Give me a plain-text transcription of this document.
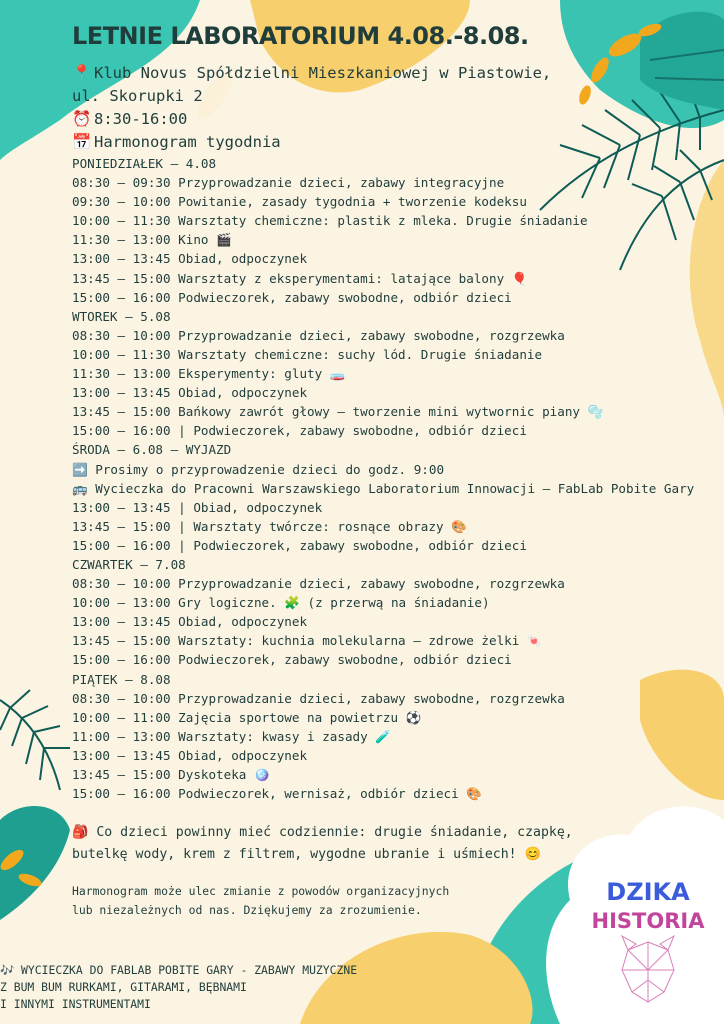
LETNIE LABORATORIUM 4.08.-8.08.
📍 Klub Novus Spółdzielni Mieszkaniowej w Piastowie,
ul. Skorupki 2
⏰ 8:30-16:00
📅 Harmonogram tygodnia
PONIEDZIAŁEK – 4.08
08:30 – 09:30 Przyprowadzanie dzieci, zabawy integracyjne
09:30 – 10:00 Powitanie, zasady tygodnia + tworzenie kodeksu
10:00 – 11:30 Warsztaty chemiczne: plastik z mleka. Drugie śniadanie
11:30 – 13:00 Kino 🎬
13:00 – 13:45 Obiad, odpoczynek
13:45 – 15:00 Warsztaty z eksperymentami: latające balony 🎈
15:00 – 16:00 Podwieczorek, zabawy swobodne, odbiór dzieci
WTOREK – 5.08
08:30 – 10:00 Przyprowadzanie dzieci, zabawy swobodne, rozgrzewka
10:00 – 11:30 Warsztaty chemiczne: suchy lód. Drugie śniadanie
11:30 – 13:00 Eksperymenty: gluty 🧫
13:00 – 13:45 Obiad, odpoczynek
13:45 – 15:00 Bańkowy zawrót głowy – tworzenie mini wytwornic piany 🫧
15:00 – 16:00 | Podwieczorek, zabawy swobodne, odbiór dzieci
ŚRODA – 6.08 – WYJAZD
➡️ Prosimy o przyprowadzenie dzieci do godz. 9:00
🚌 Wycieczka do Pracowni Warszawskiego Laboratorium Innowacji – FabLab Pobite Gary
13:00 – 13:45 | Obiad, odpoczynek
13:45 – 15:00 | Warsztaty twórcze: rosnące obrazy 🎨
15:00 – 16:00 | Podwieczorek, zabawy swobodne, odbiór dzieci
CZWARTEK – 7.08
08:30 – 10:00 Przyprowadzanie dzieci, zabawy swobodne, rozgrzewka
10:00 – 13:00 Gry logiczne. 🧩 (z przerwą na śniadanie)
13:00 – 13:45 Obiad, odpoczynek
13:45 – 15:00 Warsztaty: kuchnia molekularna – zdrowe żelki 🍬
15:00 – 16:00 Podwieczorek, zabawy swobodne, odbiór dzieci
PIĄTEK – 8.08
08:30 – 10:00 Przyprowadzanie dzieci, zabawy swobodne, rozgrzewka
10:00 – 11:00 Zajęcia sportowe na powietrzu ⚽
11:00 – 13:00 Warsztaty: kwasy i zasady 🧪
13:00 – 13:45 Obiad, odpoczynek
13:45 – 15:00 Dyskoteka 🪩
15:00 – 16:00 Podwieczorek, wernisaż, odbiór dzieci 🎨
🎒 Co dzieci powinny mieć codziennie: drugie śniadanie, czapkę,
butelkę wody, krem z filtrem, wygodne ubranie i uśmiech! 😊
Harmonogram może ulec zmianie z powodów organizacyjnych
lub niezależnych od nas. Dziękujemy za zrozumienie.
🎶 WYCIECZKA DO FABLAB POBITE GARY - ZABAWY MUZYCZNE
Z BUM BUM RURKAMI, GITARAMI, BĘBNAMI
I INNYMI INSTRUMENTAMI
DZIKA
HISTORIA
